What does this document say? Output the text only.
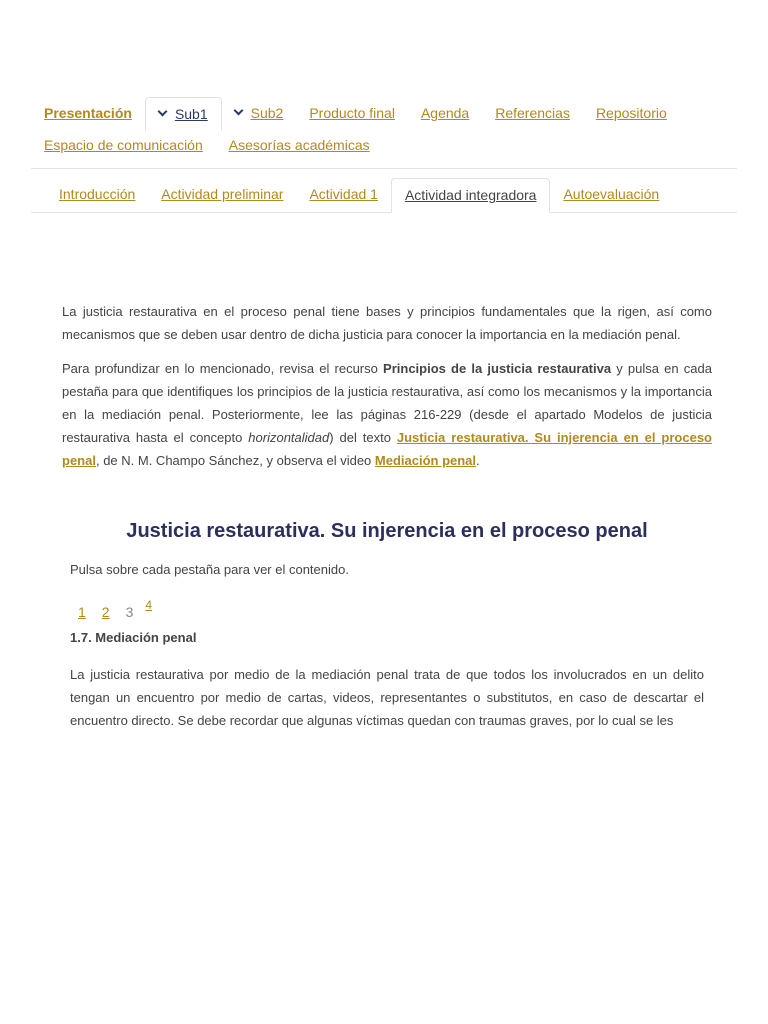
Presentación	Sub1	Sub2 Producto final Agenda Referencias Repositorio
Espacio de comunicación Asesorías académicas
Introducción Actividad preliminar Actividad 1 Actividad integradora Autoevaluación

La justicia restaurativa en el proceso penal tiene bases y principios fundamentales que la rigen, así como mecanismos que se deben usar dentro de dicha justicia para conocer la importancia en la mediación penal.

Para profundizar en lo mencionado, revisa el recurso Principios de la justicia restaurativa y pulsa en cada pestaña para que identifiques los principios de la justicia restaurativa, así como los mecanismos y la importancia en la mediación penal. Posteriormente, lee las páginas 216-229 (desde el apartado Modelos de justicia restaurativa hasta el concepto horizontalidad) del texto Justicia restaurativa. Su injerencia en el proceso penal, de N. M. Champo Sánchez, y observa el video Mediación penal.

Justicia restaurativa. Su injerencia en el proceso penal
Pulsa sobre cada pestaña para ver el contenido.
1	2	3	4
1.7. Mediación penal

La justicia restaurativa por medio de la mediación penal trata de que todos los involucrados en un delito tengan un encuentro por medio de cartas, videos, representantes o substitutos, en caso de descartar el encuentro directo. Se debe recordar que algunas víctimas quedan con traumas graves, por lo cual se les
